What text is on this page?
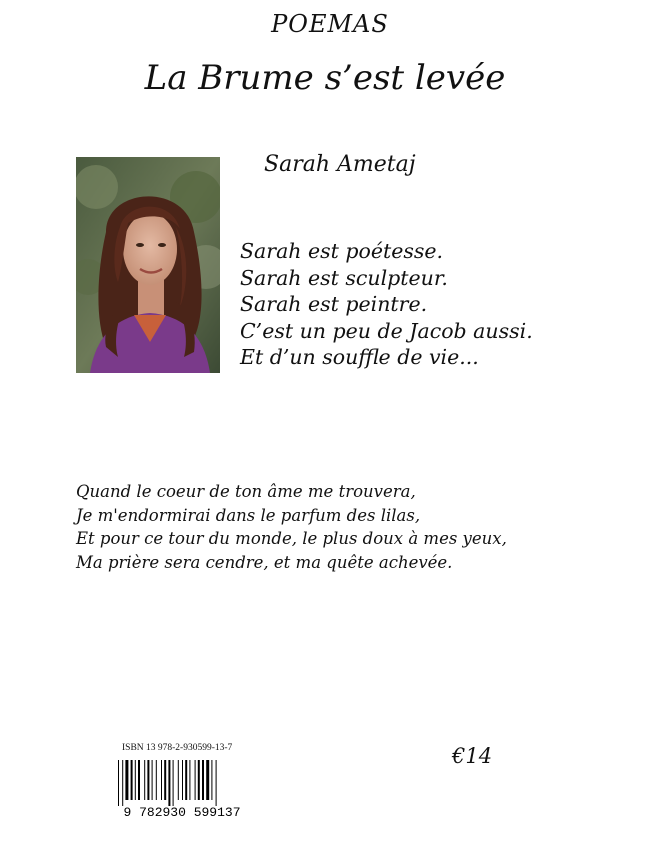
POEMAS
La Brume s’est levée
Sarah Ametaj
Sarah est poétesse.
Sarah est sculpteur.
Sarah est peintre.
C’est un peu de Jacob aussi.
Et d’un souffle de vie...
Quand le coeur de ton âme me trouvera,
Je m'endormirai dans le parfum des lilas,
Et pour ce tour du monde, le plus doux à mes yeux,
Ma prière sera cendre, et ma quête achevée.
ISBN 13 978-2-930599-13-7
9 782930 599137
€14
